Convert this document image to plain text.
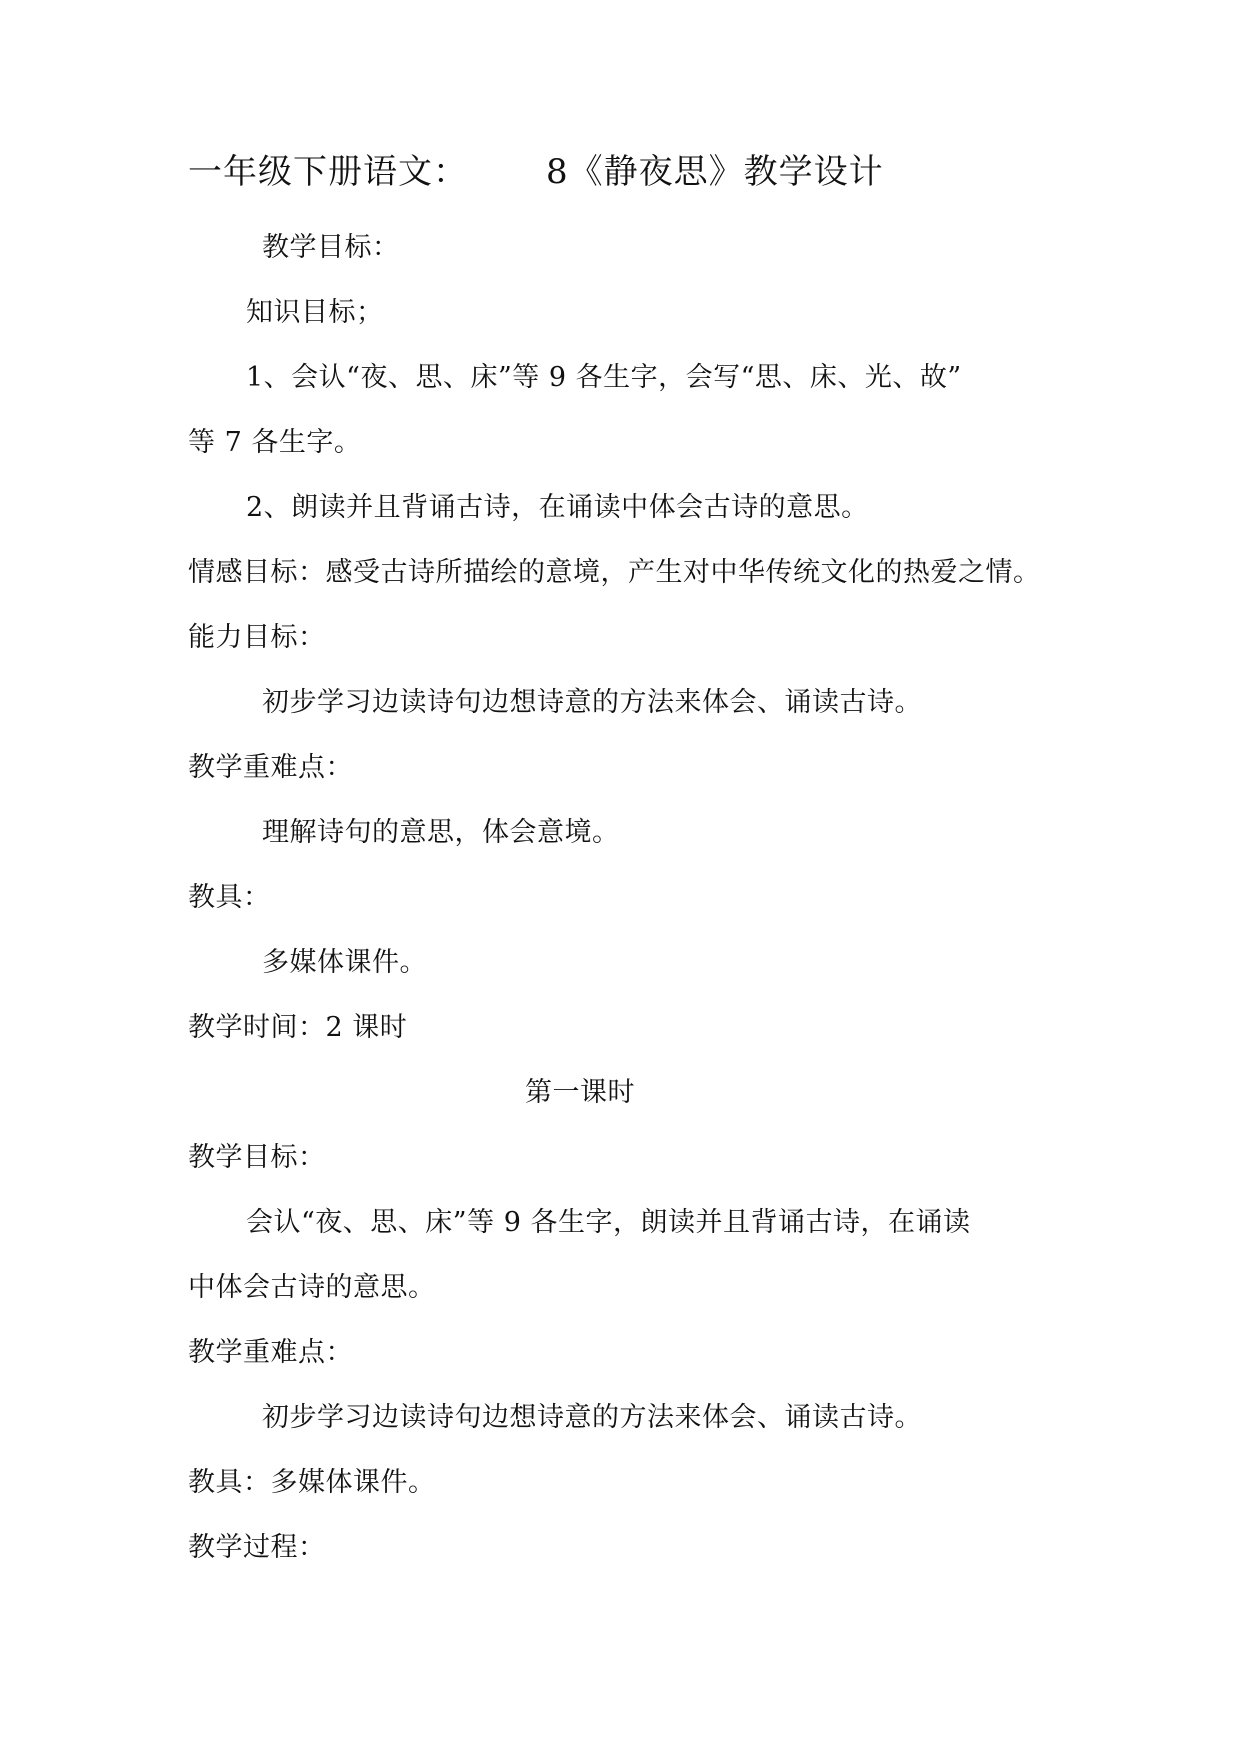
一年级下册语文： 8《静夜思》教学设计
教学目标：
知识目标；
1、会认“夜、思、床”等 9 各生字，会写“思、床、光、故”
等 7 各生字。
2、朗读并且背诵古诗，在诵读中体会古诗的意思。
情感目标：感受古诗所描绘的意境，产生对中华传统文化的热爱之情。
能力目标：
初步学习边读诗句边想诗意的方法来体会、诵读古诗。
教学重难点：
理解诗句的意思，体会意境。
教具：
多媒体课件。
教学时间：2 课时
第一课时
教学目标：
会认“夜、思、床”等 9 各生字，朗读并且背诵古诗，在诵读
中体会古诗的意思。
教学重难点：
初步学习边读诗句边想诗意的方法来体会、诵读古诗。
教具：多媒体课件。
教学过程：
